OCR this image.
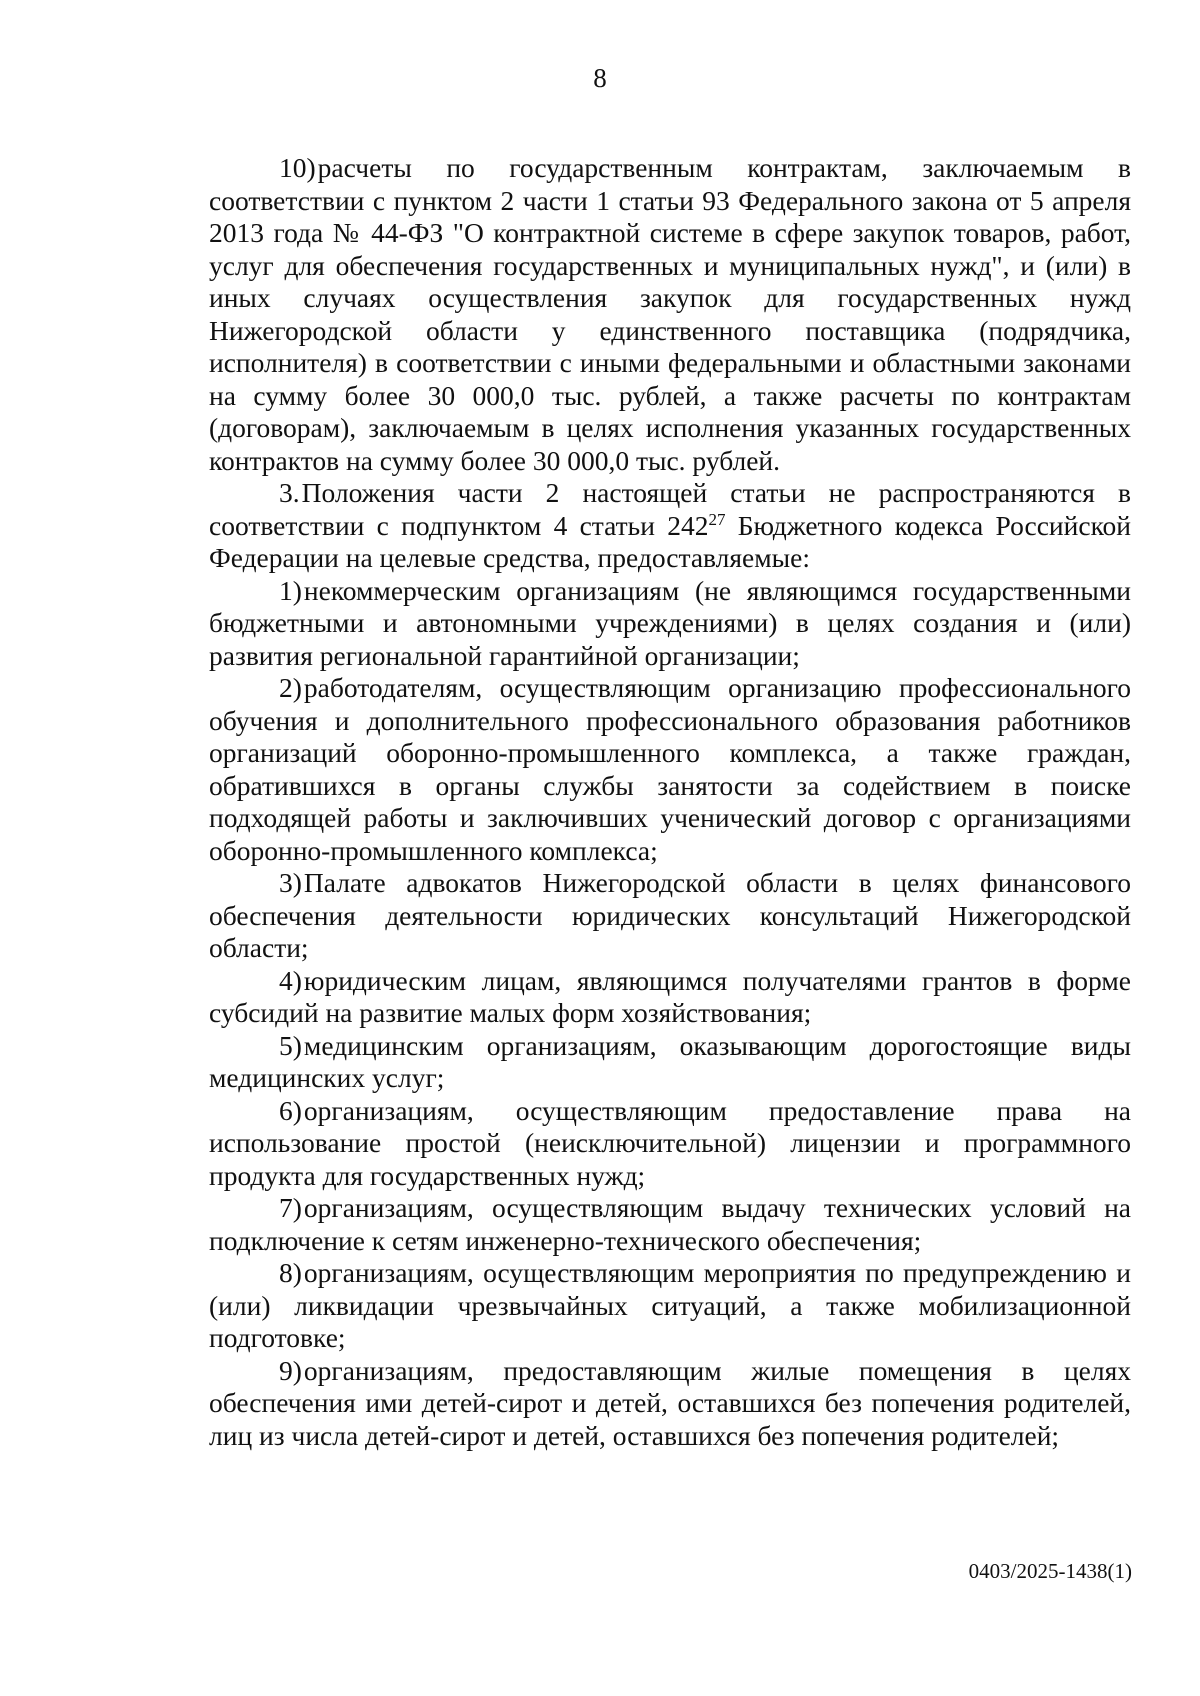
8

10)расчеты по государственным контрактам, заключаемым в соответствии с пунктом 2 части 1 статьи 93 Федерального закона от 5 апреля 2013 года № 44-ФЗ "О контрактной системе в сфере закупок товаров, работ, услуг для обеспечения государственных и муниципальных нужд", и (или) в иных случаях осуществления закупок для государственных нужд Нижегородской области у единственного поставщика (подрядчика, исполнителя) в соответствии с иными федеральными и областными законами на сумму более 30 000,0 тыс. рублей, а также расчеты по контрактам (договорам), заключаемым в целях исполнения указанных государственных контрактов на сумму более 30 000,0 тыс. рублей.

3.Положения части 2 настоящей статьи не распространяются в соответствии с подпунктом 4 статьи $242^{27}$ Бюджетного кодекса Российской Федерации на целевые средства, предоставляемые:

1)некоммерческим организациям (не являющимся государственными бюджетными и автономными учреждениями) в целях создания и (или) развития региональной гарантийной организации;

2)работодателям, осуществляющим организацию профессионального обучения и дополнительного профессионального образования работников организаций оборонно-промышленного комплекса, а также граждан, обратившихся в органы службы занятости за содействием в поиске подходящей работы и заключивших ученический договор с организациями оборонно-промышленного комплекса;

3)Палате адвокатов Нижегородской области в целях финансового обеспечения деятельности юридических консультаций Нижегородской области;

4)юридическим лицам, являющимся получателями грантов в форме субсидий на развитие малых форм хозяйствования;

5)медицинским организациям, оказывающим дорогостоящие виды медицинских услуг;

6)организациям, осуществляющим предоставление права на использование простой (неисключительной) лицензии и программного продукта для государственных нужд;

7)организациям, осуществляющим выдачу технических условий на подключение к сетям инженерно-технического обеспечения;

8)организациям, осуществляющим мероприятия по предупреждению и (или) ликвидации чрезвычайных ситуаций, а также мобилизационной подготовке;

9)организациям, предоставляющим жилые помещения в целях обеспечения ими детей-сирот и детей, оставшихся без попечения родителей, лиц из числа детей-сирот и детей, оставшихся без попечения родителей;

0403/2025-1438(1)
